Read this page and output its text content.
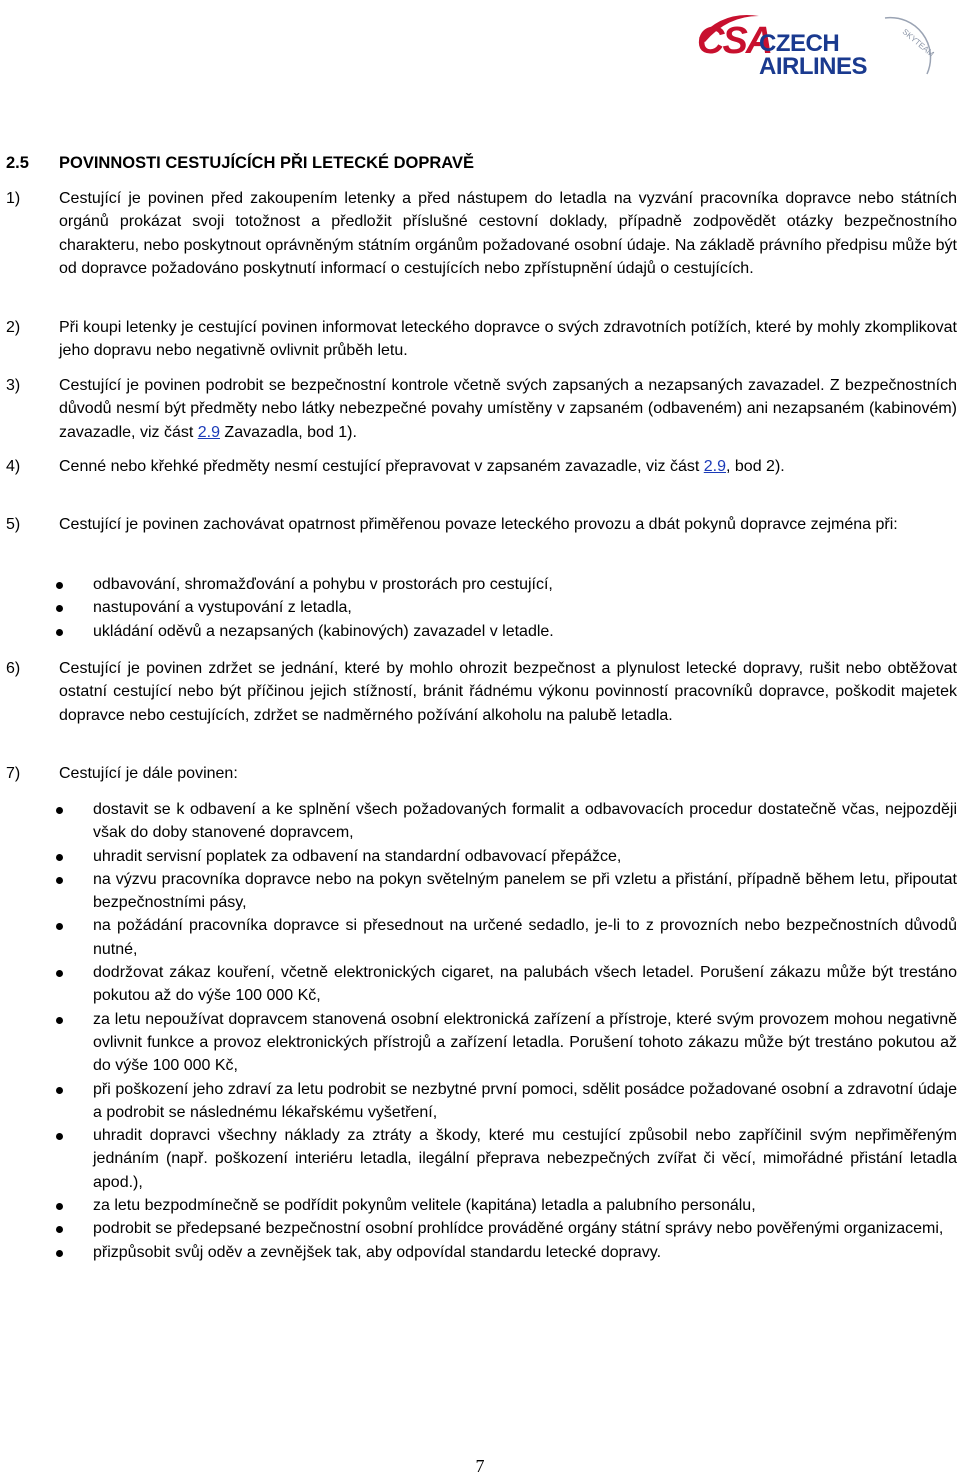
CSA
CZECH
AIRLINES
SKYTEAM
2.5 POVINNOSTI CESTUJÍCÍCH PŘI LETECKÉ DOPRAVĚ
1) Cestující je povinen před zakoupením letenky a před nástupem do letadla na vyzvání pracovníka dopravce nebo státních orgánů prokázat svoji totožnost a předložit příslušné cestovní doklady, případně zodpovědět otázky bezpečnostního charakteru, nebo poskytnout oprávněným státním orgánům požadované osobní údaje. Na základě právního předpisu může být od dopravce požadováno poskytnutí informací o cestujících nebo zpřístupnění údajů o cestujících.
2) Při koupi letenky je cestující povinen informovat leteckého dopravce o svých zdravotních potížích, které by mohly zkomplikovat jeho dopravu nebo negativně ovlivnit průběh letu.
3) Cestující je povinen podrobit se bezpečnostní kontrole včetně svých zapsaných a nezapsaných zavazadel. Z bezpečnostních důvodů nesmí být předměty nebo látky nebezpečné povahy umístěny v zapsaném (odbaveném) ani nezapsaném (kabinovém) zavazadle, viz část 2.9 Zavazadla, bod 1).
4) Cenné nebo křehké předměty nesmí cestující přepravovat v zapsaném zavazadle, viz část 2.9, bod 2).
5) Cestující je povinen zachovávat opatrnost přiměřenou povaze leteckého provozu a dbát pokynů dopravce zejména při:
odbavování, shromažďování a pohybu v prostorách pro cestující,
nastupování a vystupování z letadla,
ukládání oděvů a nezapsaných (kabinových) zavazadel v letadle.
6) Cestující je povinen zdržet se jednání, které by mohlo ohrozit bezpečnost a plynulost letecké dopravy, rušit nebo obtěžovat ostatní cestující nebo být příčinou jejich stížností, bránit řádnému výkonu povinností pracovníků dopravce, poškodit majetek dopravce nebo cestujících, zdržet se nadměrného požívání alkoholu na palubě letadla.
7) Cestující je dále povinen:
dostavit se k odbavení a ke splnění všech požadovaných formalit a odbavovacích procedur dostatečně včas, nejpozději však do doby stanovené dopravcem,
uhradit servisní poplatek za odbavení na standardní odbavovací přepážce,
na výzvu pracovníka dopravce nebo na pokyn světelným panelem se při vzletu a přistání, případně během letu, připoutat bezpečnostními pásy,
na požádání pracovníka dopravce si přesednout na určené sedadlo, je-li to z provozních nebo bezpečnostních důvodů nutné,
dodržovat zákaz kouření, včetně elektronických cigaret, na palubách všech letadel. Porušení zákazu může být trestáno pokutou až do výše 100 000 Kč,
za letu nepoužívat dopravcem stanovená osobní elektronická zařízení a přístroje, které svým provozem mohou negativně ovlivnit funkce a provoz elektronických přístrojů a zařízení letadla. Porušení tohoto zákazu může být trestáno pokutou až do výše 100 000 Kč,
při poškození jeho zdraví za letu podrobit se nezbytné první pomoci, sdělit posádce požadované osobní a zdravotní údaje a podrobit se následnému lékařskému vyšetření,
uhradit dopravci všechny náklady za ztráty a škody, které mu cestující způsobil nebo zapříčinil svým nepřiměřeným jednáním (např. poškození interiéru letadla, ilegální přeprava nebezpečných zvířat či věcí, mimořádné přistání letadla apod.),
za letu bezpodmínečně se podřídit pokynům velitele (kapitána) letadla a palubního personálu,
podrobit se předepsané bezpečnostní osobní prohlídce prováděné orgány státní správy nebo pověřenými organizacemi,
přizpůsobit svůj oděv a zevnějšek tak, aby odpovídal standardu letecké dopravy.
7
